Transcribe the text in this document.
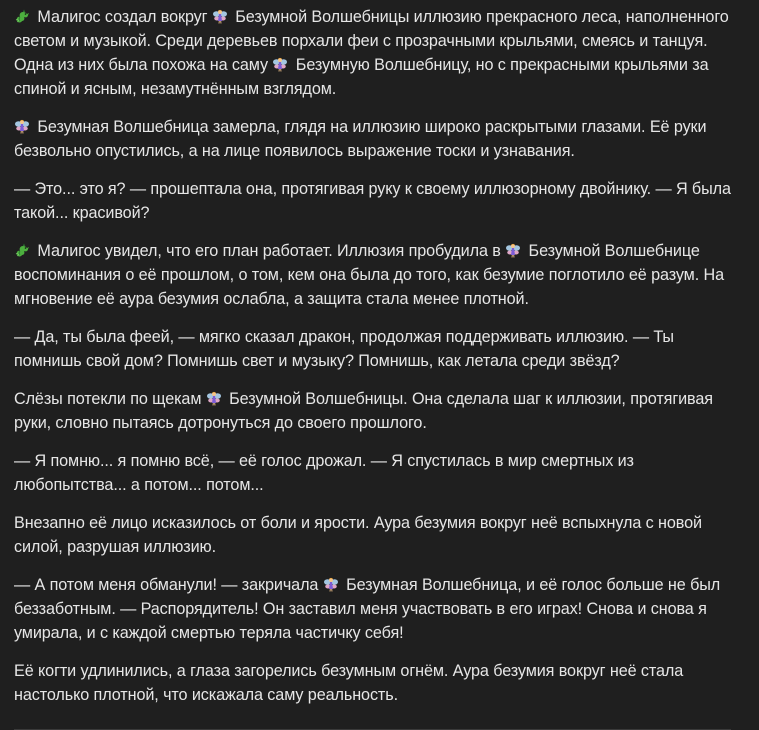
Малигос создал вокруг
Безумной Волшебницы иллюзию прекрасного леса, наполненного светом и музыкой. Среди деревьев порхали феи с прозрачными крыльями, смеясь и танцуя. Одна из них была похожа на саму
Безумную Волшебницу, но с прекрасными крыльями за спиной и ясным, незамутнённым взглядом.

Безумная Волшебница замерла, глядя на иллюзию широко раскрытыми глазами. Её руки безвольно опустились, а на лице появилось выражение тоски и узнавания.

— Это... это я? — прошептала она, протягивая руку к своему иллюзорному двойнику. — Я была такой... красивой?

Малигос увидел, что его план работает. Иллюзия пробудила в
Безумной Волшебнице воспоминания о её прошлом, о том, кем она была до того, как безумие поглотило её разум. На мгновение её аура безумия ослабла, а защита стала менее плотной.

— Да, ты была феей, — мягко сказал дракон, продолжая поддерживать иллюзию. — Ты помнишь свой дом? Помнишь свет и музыку? Помнишь, как летала среди звёзд?

Слёзы потекли по щекам
Безумной Волшебницы. Она сделала шаг к иллюзии, протягивая руки, словно пытаясь дотронуться до своего прошлого.

— Я помню... я помню всё, — её голос дрожал. — Я спустилась в мир смертных из любопытства... а потом... потом...

Внезапно её лицо исказилось от боли и ярости. Аура безумия вокруг неё вспыхнула с новой силой, разрушая иллюзию.

— А потом меня обманули! — закричала
Безумная Волшебница, и её голос больше не был беззаботным. — Распорядитель! Он заставил меня участвовать в его играх! Снова и снова я умирала, и с каждой смертью теряла частичку себя!

Её когти удлинились, а глаза загорелись безумным огнём. Аура безумия вокруг неё стала настолько плотной, что искажала саму реальность.
